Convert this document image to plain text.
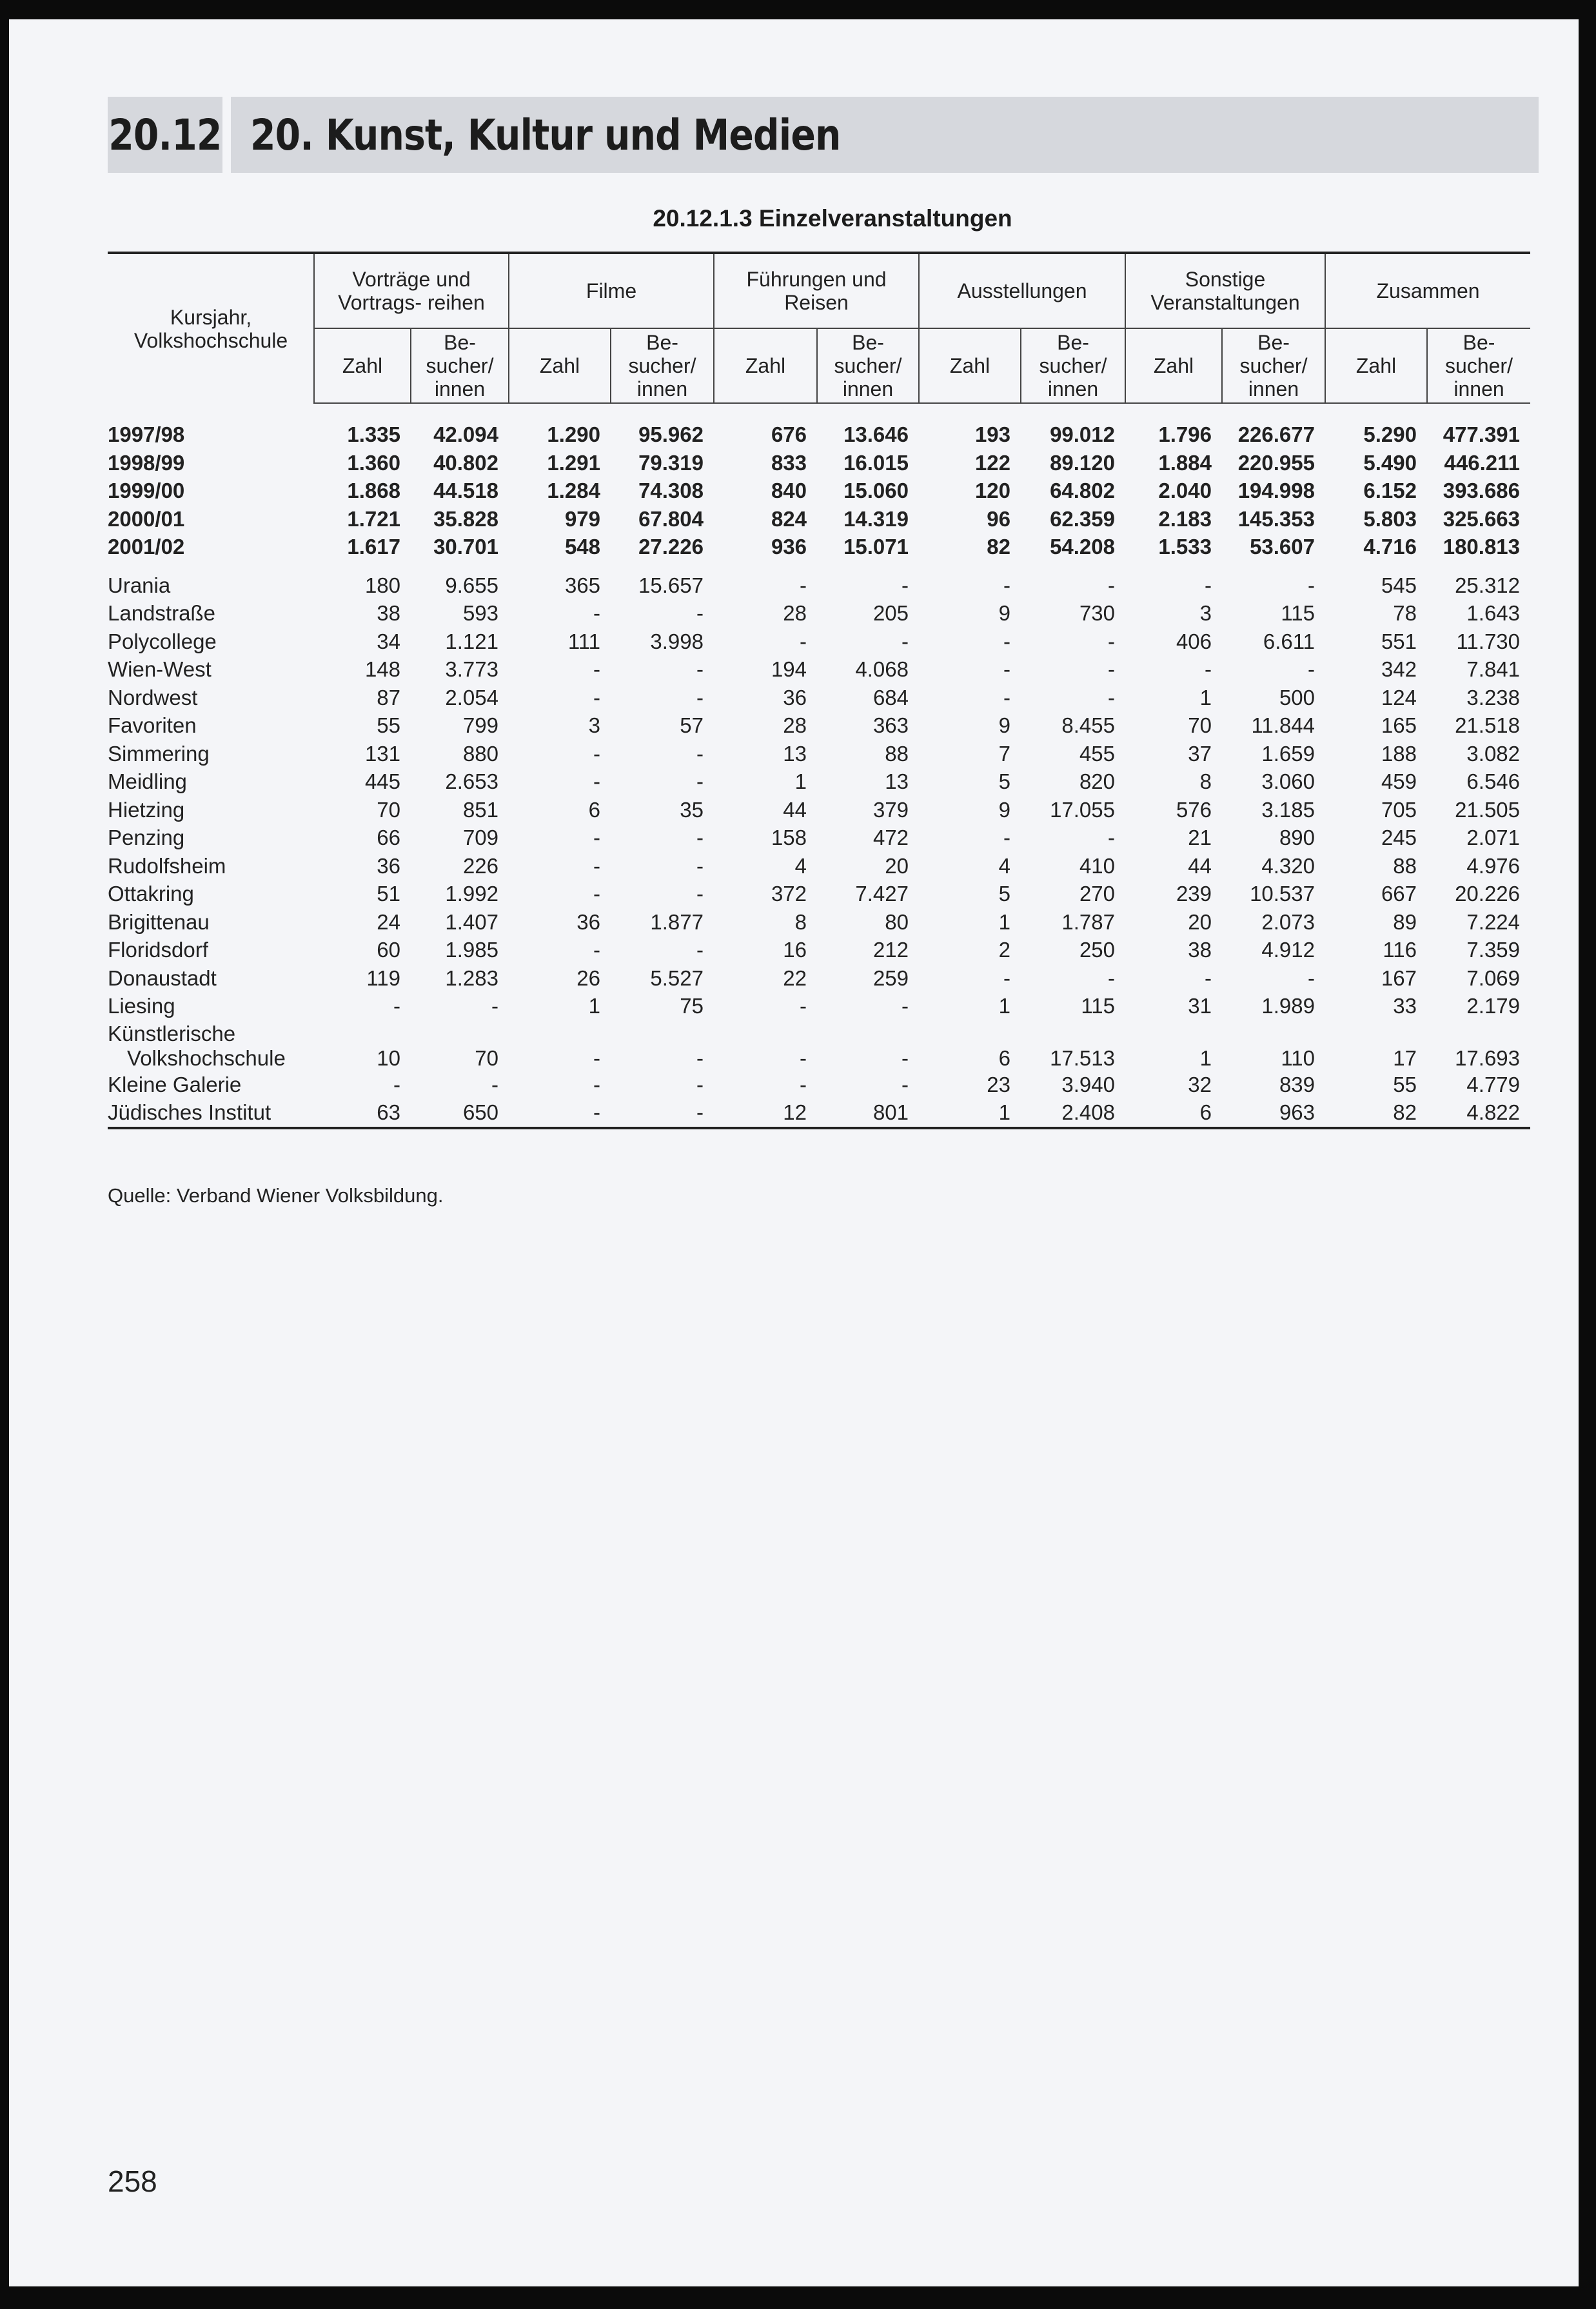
20.12 20. Kunst, Kultur und Medien
20.12.1.3 Einzelveranstaltungen
Kursjahr, Volkshochschule	Vorträge und Vortrags- reihen		Filme		Führungen und Reisen		Ausstellungen		Sonstige Veranstaltungen		Zusammen	
	Zahl	Be- sucher/ innen	Zahl	Be- sucher/ innen	Zahl	Be- sucher/ innen	Zahl	Be- sucher/ innen	Zahl	Be- sucher/ innen	Zahl	Be- sucher/ innen

1997/98	1.335	42.094	1.290	95.962	676	13.646	193	99.012	1.796	226.677	5.290	477.391
1998/99	1.360	40.802	1.291	79.319	833	16.015	122	89.120	1.884	220.955	5.490	446.211
1999/00	1.868	44.518	1.284	74.308	840	15.060	120	64.802	2.040	194.998	6.152	393.686
2000/01	1.721	35.828	979	67.804	824	14.319	96	62.359	2.183	145.353	5.803	325.663
2001/02	1.617	30.701	548	27.226	936	15.071	82	54.208	1.533	53.607	4.716	180.813

Urania	180	9.655	365	15.657	-	-	-	-	-	-	545	25.312
Landstraße	38	593	-	-	28	205	9	730	3	115	78	1.643
Polycollege	34	1.121	111	3.998	-	-	-	-	406	6.611	551	11.730
Wien-West	148	3.773	-	-	194	4.068	-	-	-	-	342	7.841
Nordwest	87	2.054	-	-	36	684	-	-	1	500	124	3.238
Favoriten	55	799	3	57	28	363	9	8.455	70	11.844	165	21.518
Simmering	131	880	-	-	13	88	7	455	37	1.659	188	3.082
Meidling	445	2.653	-	-	1	13	5	820	8	3.060	459	6.546
Hietzing	70	851	6	35	44	379	9	17.055	576	3.185	705	21.505
Penzing	66	709	-	-	158	472	-	-	21	890	245	2.071
Rudolfsheim	36	226	-	-	4	20	4	410	44	4.320	88	4.976
Ottakring	51	1.992	-	-	372	7.427	5	270	239	10.537	667	20.226
Brigittenau	24	1.407	36	1.877	8	80	1	1.787	20	2.073	89	7.224
Floridsdorf	60	1.985	-	-	16	212	2	250	38	4.912	116	7.359
Donaustadt	119	1.283	26	5.527	22	259	-	-	-	-	167	7.069
Liesing	-	-	1	75	-	-	1	115	31	1.989	33	2.179

Künstlerische
Volkshochschule	10	70	-	-	-	-	6	17.513	1	110	17	17.693
Kleine Galerie	-	-	-	-	-	-	23	3.940	32	839	55	4.779
Jüdisches Institut	63	650	-	-	12	801	1	2.408	6	963	82	4.822
Quelle: Verband Wiener Volksbildung.
258
